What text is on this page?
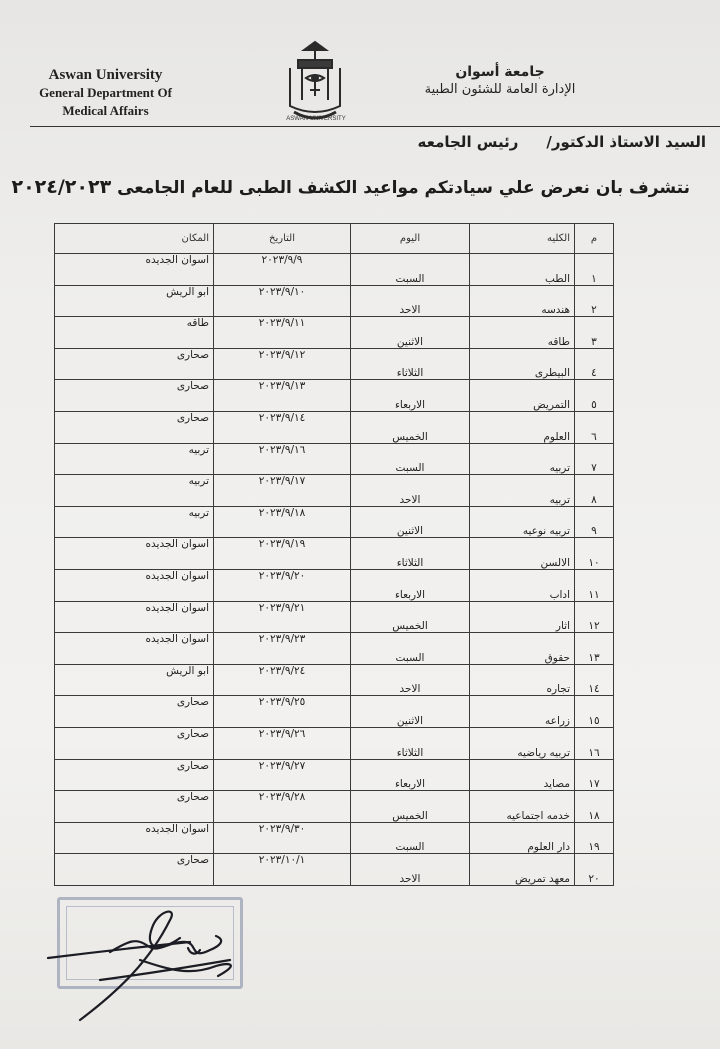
Aswan University
General Department Of
Medical Affairs
ASWAN UNIVERSITY
جامعة أسوان
الإدارة العامة للشئون الطبية
السيد الاستاذ الدكتور/رئيس الجامعه
نتشرف بان نعرض علي سيادتكم مواعيد الكشف الطبى للعام الجامعى ٢٠٢٤/٢٠٢٣
م	الكليه	اليوم	التاريخ	المكان
١	الطب	السبت	٢٠٢٣/٩/٩	اسوان الجديده
٢	هندسه	الاحد	٢٠٢٣/٩/١٠	ابو الريش
٣	طاقه	الاثنين	٢٠٢٣/٩/١١	طاقه
٤	البيطرى	الثلاثاء	٢٠٢٣/٩/١٢	صحارى
٥	التمريض	الاربعاء	٢٠٢٣/٩/١٣	صحارى
٦	العلوم	الخميس	٢٠٢٣/٩/١٤	صحارى
٧	تربيه	السبت	٢٠٢٣/٩/١٦	تربيه
٨	تربيه	الاحد	٢٠٢٣/٩/١٧	تربيه
٩	تربيه نوعيه	الاثنين	٢٠٢٣/٩/١٨	تربيه
١٠	الالسن	الثلاثاء	٢٠٢٣/٩/١٩	اسوان الجديده
١١	اداب	الاربعاء	٢٠٢٣/٩/٢٠	اسوان الجديده
١٢	اثار	الخميس	٢٠٢٣/٩/٢١	اسوان الجديده
١٣	حقوق	السبت	٢٠٢٣/٩/٢٣	اسوان الجديده
١٤	تجاره	الاحد	٢٠٢٣/٩/٢٤	ابو الريش
١٥	زراعه	الاثنين	٢٠٢٣/٩/٢٥	صحارى
١٦	تربيه رياضيه	الثلاثاء	٢٠٢٣/٩/٢٦	صحارى
١٧	مصايد	الاربعاء	٢٠٢٣/٩/٢٧	صحارى
١٨	خدمه اجتماعيه	الخميس	٢٠٢٣/٩/٢٨	صحارى
١٩	دار العلوم	السبت	٢٠٢٣/٩/٣٠	اسوان الجديده
٢٠	معهد تمريض	الاحد	٢٠٢٣/١٠/١	صحارى
